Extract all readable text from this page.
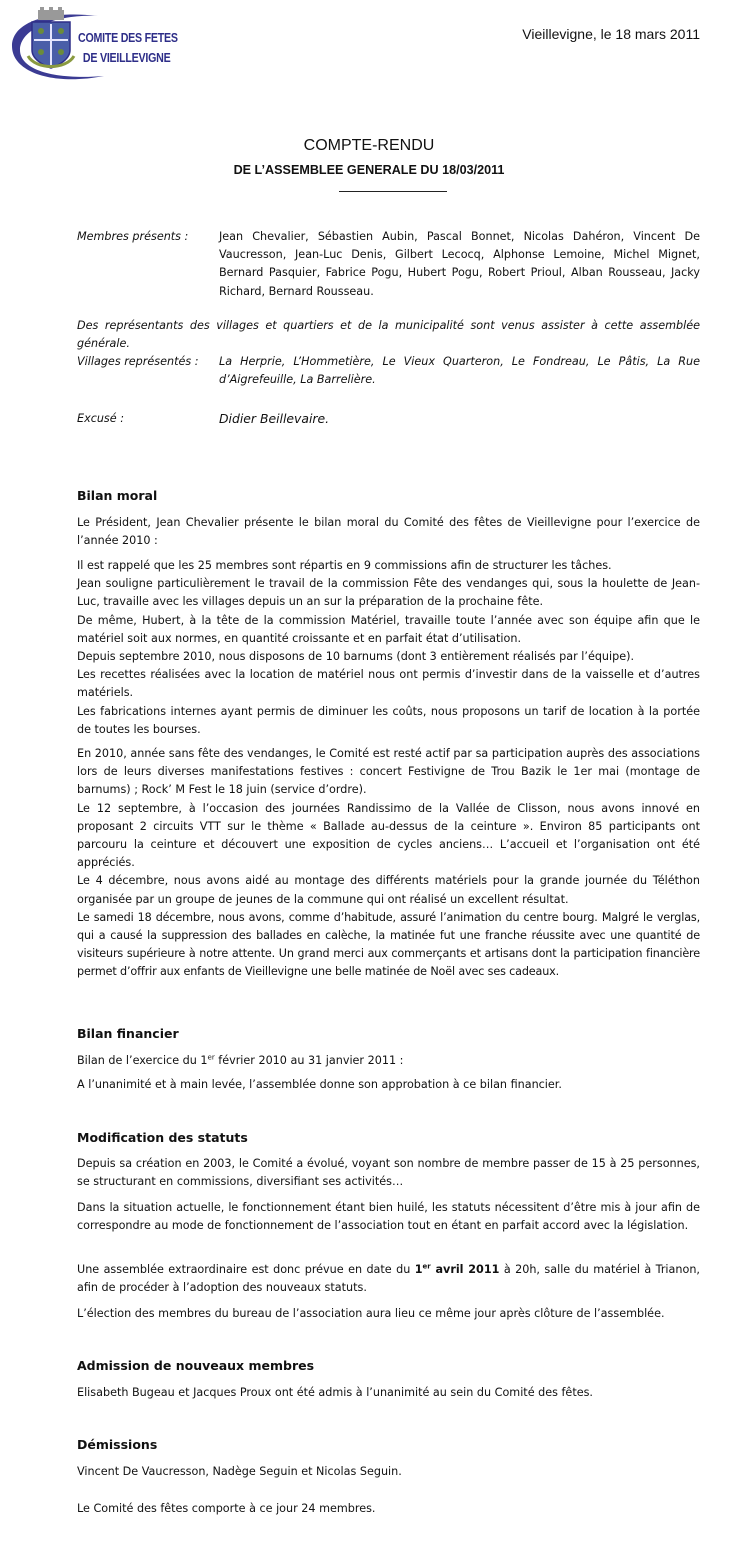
COMITE DES FETES
DE VIEILLEVIGNE
Vieillevigne, le 18 mars 2011
COMPTE-RENDU
DE L’ASSEMBLEE GENERALE DU 18/03/2011
Membres présents :	Jean Chevalier, Sébastien Aubin, Pascal Bonnet, Nicolas Dahéron, Vincent De Vaucresson, Jean-Luc Denis, Gilbert Lecocq, Alphonse Lemoine, Michel Mignet, Bernard Pasquier, Fabrice Pogu, Hubert Pogu, Robert Prioul, Alban Rousseau, Jacky Richard, Bernard Rousseau.
Des représentants des villages et quartiers et de la municipalité sont venus assister à cette assemblée générale.
Villages représentés : La Herprie, L’Hommetière, Le Vieux Quarteron, Le Fondreau, Le Pâtis, La Rue d’Aigrefeuille, La Barrelière.
Excusé :	Didier Beillevaire.
Bilan moral
Le Président, Jean Chevalier présente le bilan moral du Comité des fêtes de Vieillevigne pour l’exercice de l’année 2010 :
Il est rappelé que les 25 membres sont répartis en 9 commissions afin de structurer les tâches.
Jean souligne particulièrement le travail de la commission Fête des vendanges qui, sous la houlette de Jean-Luc, travaille avec les villages depuis un an sur la préparation de la prochaine fête.
De même, Hubert, à la tête de la commission Matériel, travaille toute l’année avec son équipe afin que le matériel soit aux normes, en quantité croissante et en parfait état d’utilisation.
Depuis septembre 2010, nous disposons de 10 barnums (dont 3 entièrement réalisés par l’équipe).
Les recettes réalisées avec la location de matériel nous ont permis d’investir dans de la vaisselle et d’autres matériels.
Les fabrications internes ayant permis de diminuer les coûts, nous proposons un tarif de location à la portée de toutes les bourses.
En 2010, année sans fête des vendanges, le Comité est resté actif par sa participation auprès des associations lors de leurs diverses manifestations festives : concert Festivigne de Trou Bazik le 1er mai (montage de barnums) ; Rock’ M Fest le 18 juin (service d’ordre).
Le 12 septembre, à l’occasion des journées Randissimo de la Vallée de Clisson, nous avons innové en proposant 2 circuits VTT sur le thème « Ballade au-dessus de la ceinture ». Environ 85 participants ont parcouru la ceinture et découvert une exposition de cycles anciens… L’accueil et l’organisation ont été appréciés.
Le 4 décembre, nous avons aidé au montage des différents matériels pour la grande journée du Téléthon organisée par un groupe de jeunes de la commune qui ont réalisé un excellent résultat.
Le samedi 18 décembre, nous avons, comme d’habitude, assuré l’animation du centre bourg. Malgré le verglas, qui a causé la suppression des ballades en calèche, la matinée fut une franche réussite avec une quantité de visiteurs supérieure à notre attente. Un grand merci aux commerçants et artisans dont la participation financière permet d’offrir aux enfants de Vieillevigne une belle matinée de Noël avec ses cadeaux.
Bilan financier
Bilan de l’exercice du 1er février 2010 au 31 janvier 2011 :
A l’unanimité et à main levée, l’assemblée donne son approbation à ce bilan financier.
Modification des statuts
Depuis sa création en 2003, le Comité a évolué, voyant son nombre de membre passer de 15 à 25 personnes, se structurant en commissions, diversifiant ses activités…
Dans la situation actuelle, le fonctionnement étant bien huilé, les statuts nécessitent d’être mis à jour afin de correspondre au mode de fonctionnement de l’association tout en étant en parfait accord avec la législation.
Une assemblée extraordinaire est donc prévue en date du 1er avril 2011 à 20h, salle du matériel à Trianon, afin de procéder à l’adoption des nouveaux statuts.
L’élection des membres du bureau de l’association aura lieu ce même jour après clôture de l’assemblée.
Admission de nouveaux membres
Elisabeth Bugeau et Jacques Proux ont été admis à l’unanimité au sein du Comité des fêtes.
Démissions
Vincent De Vaucresson, Nadège Seguin et Nicolas Seguin.
Le Comité des fêtes comporte à ce jour 24 membres.
